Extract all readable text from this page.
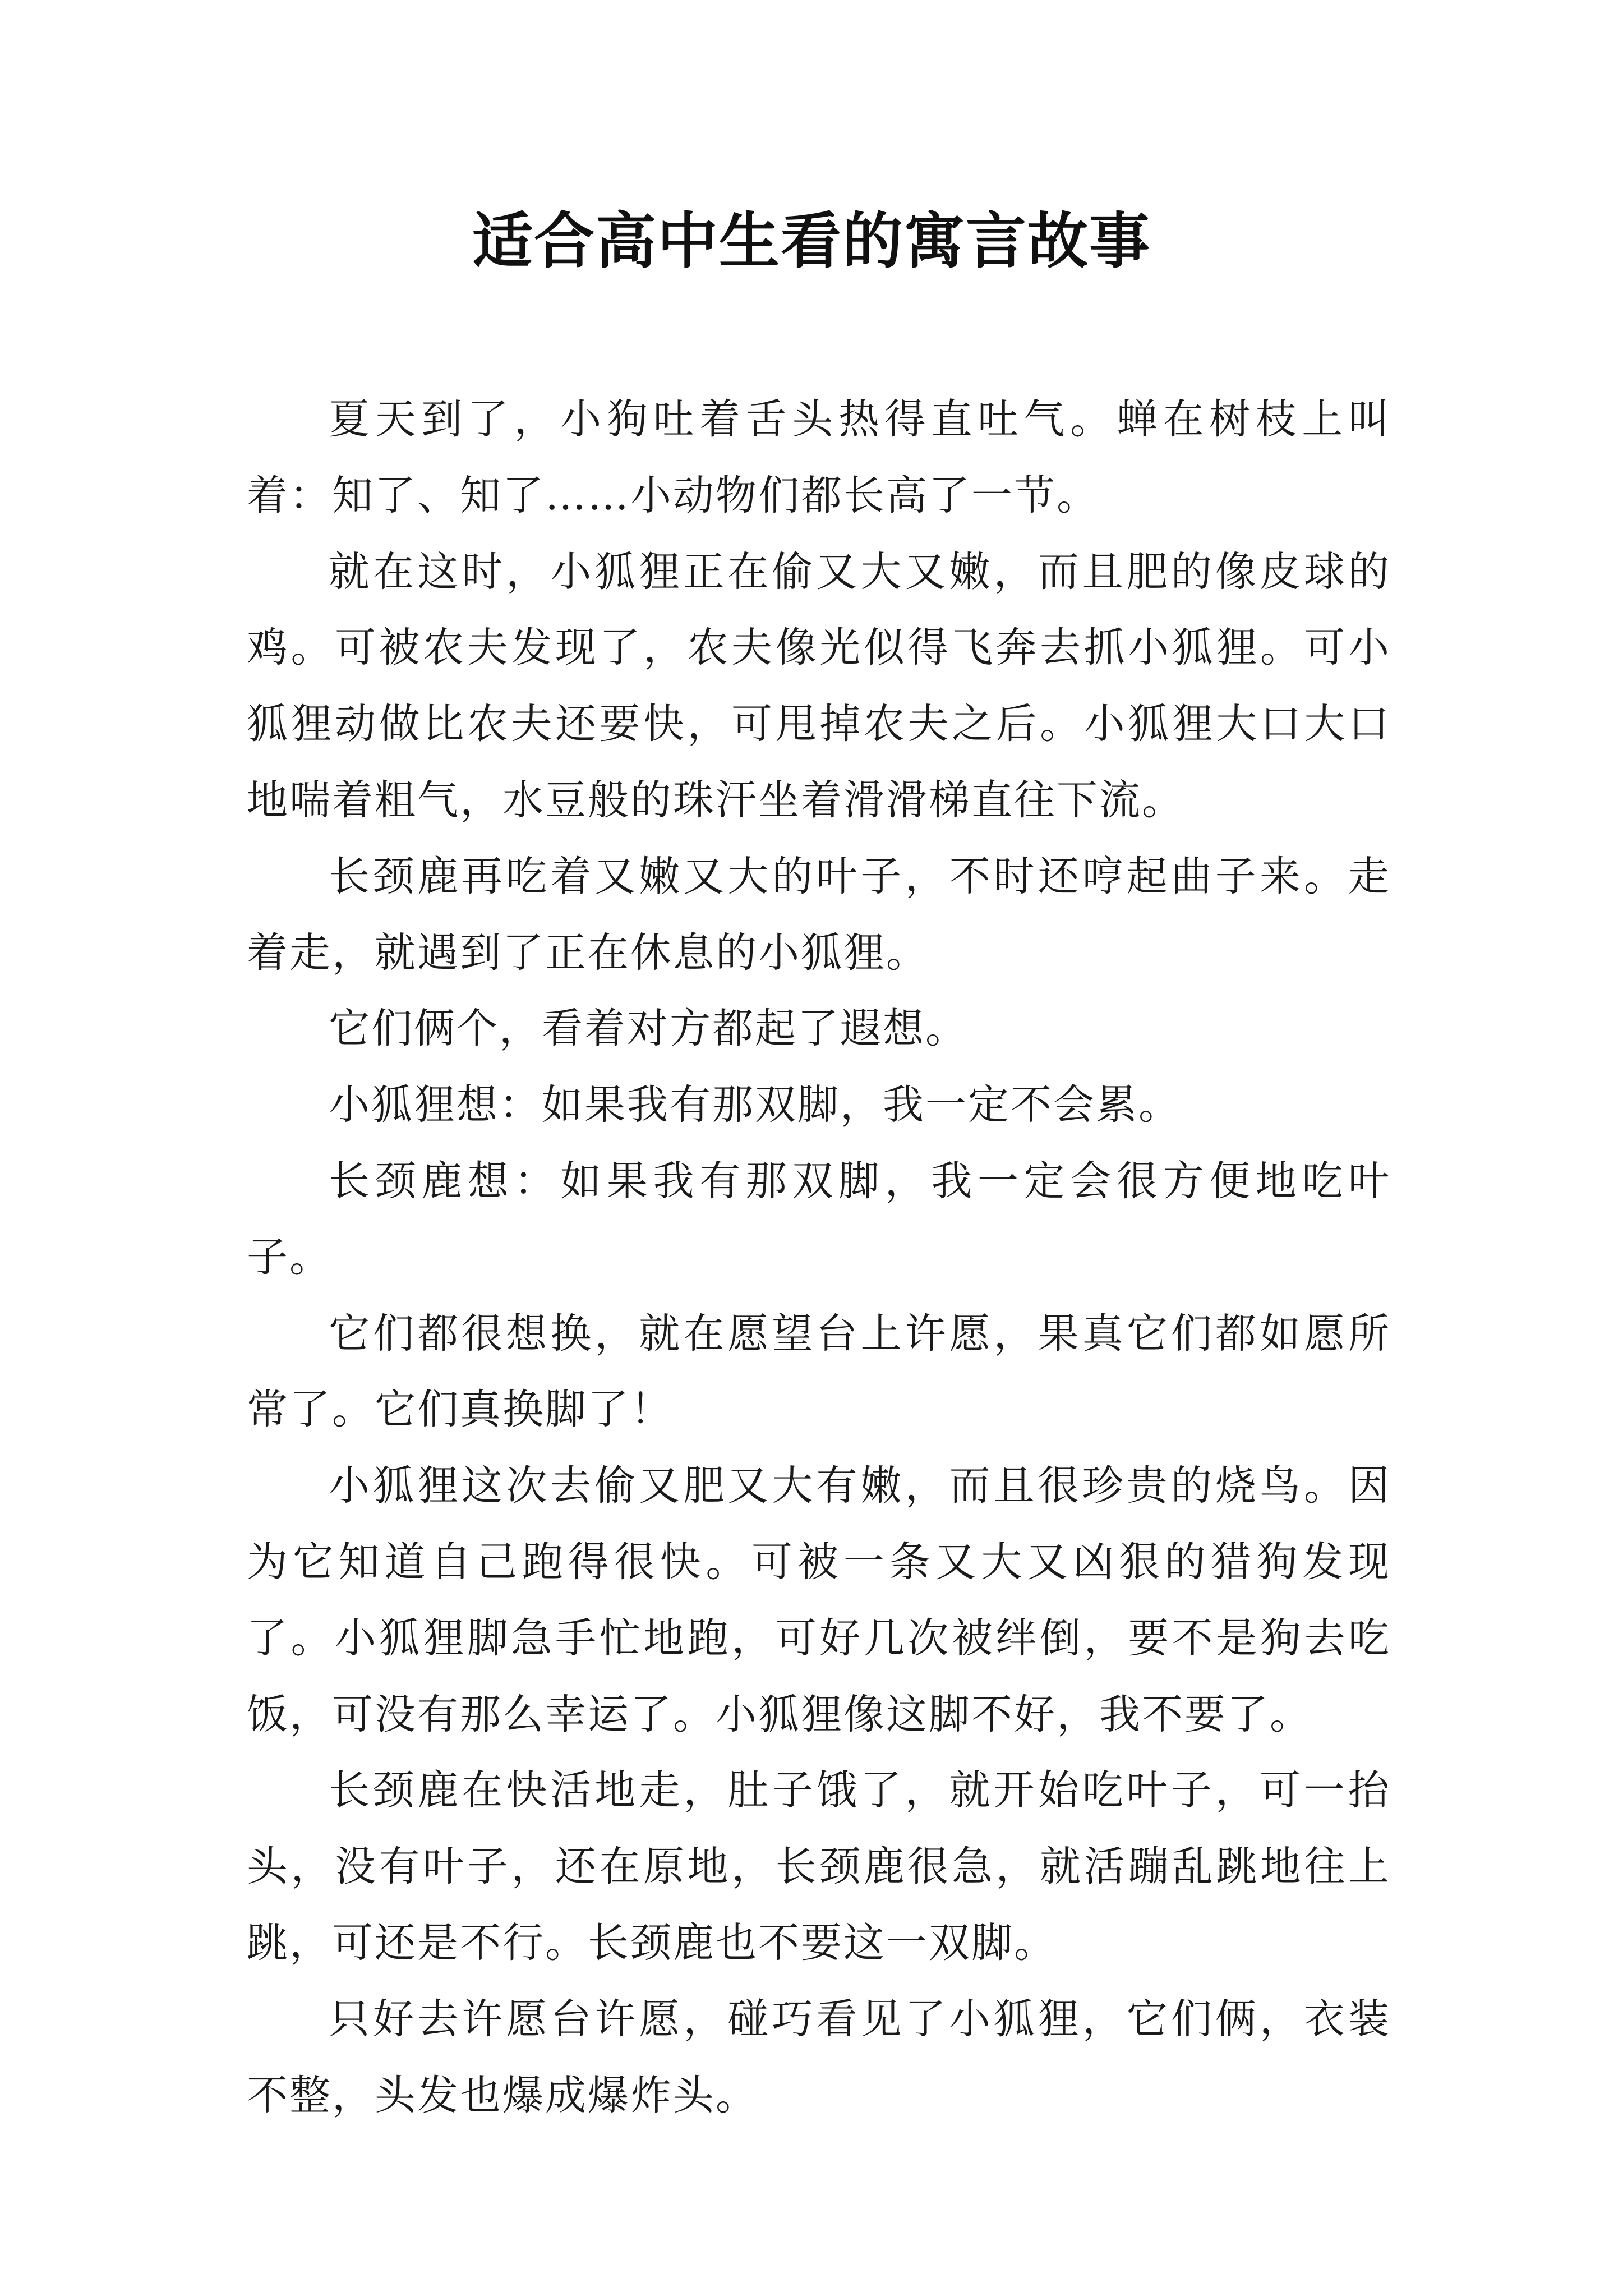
适合高中生看的寓言故事

夏天到了，小狗吐着舌头热得直吐气。蝉在树枝上叫着：知了、知了……小动物们都长高了一节。

就在这时，小狐狸正在偷又大又嫩，而且肥的像皮球的鸡。可被农夫发现了，农夫像光似得飞奔去抓小狐狸。可小狐狸动做比农夫还要快，可甩掉农夫之后。小狐狸大口大口地喘着粗气，水豆般的珠汗坐着滑滑梯直往下流。

长颈鹿再吃着又嫩又大的叶子，不时还哼起曲子来。走着走，就遇到了正在休息的小狐狸。

它们俩个，看着对方都起了遐想。

小狐狸想：如果我有那双脚，我一定不会累。

长颈鹿想：如果我有那双脚，我一定会很方便地吃叶子。

它们都很想换，就在愿望台上许愿，果真它们都如愿所常了。它们真换脚了！

小狐狸这次去偷又肥又大有嫩，而且很珍贵的烧鸟。因为它知道自己跑得很快。可被一条又大又凶狠的猎狗发现了。小狐狸脚急手忙地跑，可好几次被绊倒，要不是狗去吃饭，可没有那么幸运了。小狐狸像这脚不好，我不要了。

长颈鹿在快活地走，肚子饿了，就开始吃叶子，可一抬头，没有叶子，还在原地，长颈鹿很急，就活蹦乱跳地往上跳，可还是不行。长颈鹿也不要这一双脚。

只好去许愿台许愿，碰巧看见了小狐狸，它们俩，衣装不整，头发也爆成爆炸头。
